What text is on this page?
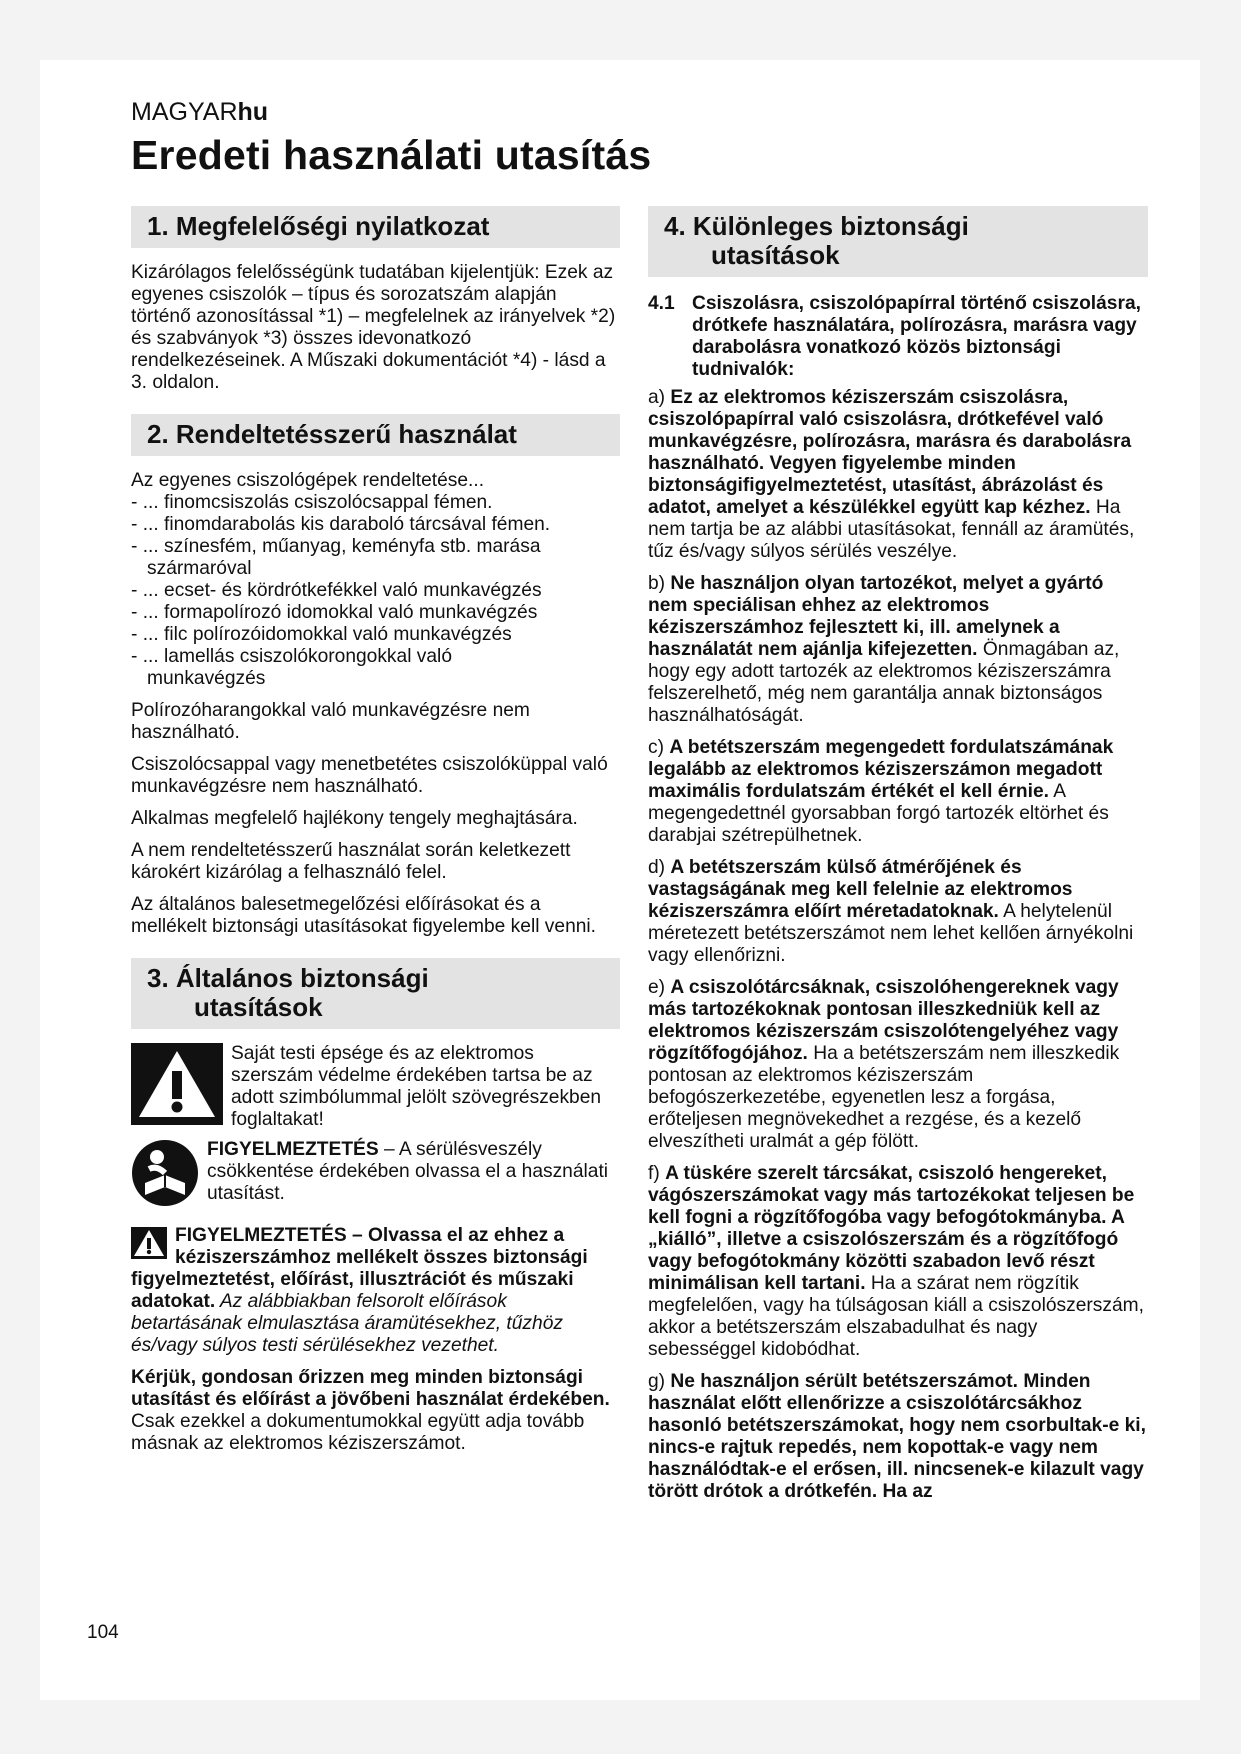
MAGYARhu
Eredeti használati utasítás
1. Megfelelőségi nyilatkozat

Kizárólagos felelősségünk tudatában kijelentjük: Ezek az egyenes csiszolók – típus és sorozatszám alapján történő azonosítással *1) – megfelelnek az irányelvek *2) és szabványok *3) összes idevonatkozó rendelkezéseinek. A Műszaki dokumentációt *4) - lásd a 3. oldalon.

2. Rendeltetésszerű használat
Az egyenes csiszológépek rendeltetése...
- ... finomcsiszolás csiszolócsappal fémen.
- ... finomdarabolás kis daraboló tárcsával fémen.
- ... színesfém, műanyag, keményfa stb. marása
szármaróval
- ... ecset- és kördrótkefékkel való munkavégzés
- ... formapolírozó idomokkal való munkavégzés
- ... filc polírozóidomokkal való munkavégzés
- ... lamellás csiszolókorongokkal való
munkavégzés

Polírozóharangokkal való munkavégzésre nem használható.

Csiszolócsappal vagy menetbetétes csiszolóküppal való munkavégzésre nem használható.

Alkalmas megfelelő hajlékony tengely meghajtására.

A nem rendeltetésszerű használat során keletkezett károkért kizárólag a felhasználó felel.

Az általános balesetmegelőzési előírásokat és a mellékelt biztonsági utasításokat figyelembe kell venni.

3. Általános biztonsági
utasítások
Saját testi épsége és az elektromos szerszám védelme érdekében tartsa be az adott szimbólummal jelölt szövegrészekben foglaltakat!
FIGYELMEZTETÉS – A sérülésveszély csökkentése érdekében olvassa el a használati utasítást.

FIGYELMEZTETÉS – Olvassa el az ehhez a kéziszerszámhoz mellékelt összes biztonsági figyelmeztetést, előírást, illusztrációt és műszaki adatokat. Az alábbiakban felsorolt előírások betartásának elmulasztása áramütésekhez, tűzhöz és/vagy súlyos testi sérülésekhez vezethet.

Kérjük, gondosan őrizzen meg minden biztonsági utasítást és előírást a jövőbeni használat érdekében.
Csak ezekkel a dokumentumokkal együtt adja tovább másnak az elektromos kéziszerszámot.

4. Különleges biztonsági
utasítások
4.1 Csiszolásra, csiszolópapírral történő csiszolásra, drótkefe használatára, polírozásra, marásra vagy darabolásra vonatkozó közös biztonsági tudnivalók:

a) Ez az elektromos kéziszerszám csiszolásra, csiszolópapírral való csiszolásra, drótkefével való munkavégzésre, polírozásra, marásra és darabolásra használható. Vegyen figyelembe minden biztonságifigyelmeztetést, utasítást, ábrázolást és adatot, amelyet a készülékkel együtt kap kézhez. Ha nem tartja be az alábbi utasításokat, fennáll az áramütés, tűz és/vagy súlyos sérülés veszélye.

b) Ne használjon olyan tartozékot, melyet a gyártó nem speciálisan ehhez az elektromos kéziszerszámhoz fejlesztett ki, ill. amelynek a használatát nem ajánlja kifejezetten. Önmagában az, hogy egy adott tartozék az elektromos kéziszerszámra felszerelhető, még nem garantálja annak biztonságos használhatóságát.

c) A betétszerszám megengedett fordulatszámának legalább az elektromos kéziszerszámon megadott maximális fordulatszám értékét el kell érnie. A megengedettnél gyorsabban forgó tartozék eltörhet és darabjai szétrepülhetnek.

d) A betétszerszám külső átmérőjének és vastagságának meg kell felelnie az elektromos kéziszerszámra előírt méretadatoknak. A helytelenül méretezett betétszerszámot nem lehet kellően árnyékolni vagy ellenőrizni.

e) A csiszolótárcsáknak, csiszolóhengereknek vagy más tartozékoknak pontosan illeszkedniük kell az elektromos kéziszerszám csiszolótengelyéhez vagy rögzítőfogójához. Ha a betétszerszám nem illeszkedik pontosan az elektromos kéziszerszám befogószerkezetébe, egyenetlen lesz a forgása, erőteljesen megnövekedhet a rezgése, és a kezelő elveszítheti uralmát a gép fölött.

f) A tüskére szerelt tárcsákat, csiszoló hengereket, vágószerszámokat vagy más tartozékokat teljesen be kell fogni a rögzítőfogóba vagy befogótokmányba. A „kiálló”, illetve a csiszolószerszám és a rögzítőfogó vagy befogótokmány közötti szabadon levő részt minimálisan kell tartani. Ha a szárat nem rögzítik megfelelően, vagy ha túlságosan kiáll a csiszolószerszám, akkor a betétszerszám elszabadulhat és nagy sebességgel kidobódhat.

g) Ne használjon sérült betétszerszámot. Minden használat előtt ellenőrizze a csiszolótárcsákhoz hasonló betétszerszámokat, hogy nem csorbultak-e ki, nincs-e rajtuk repedés, nem kopottak-e vagy nem használódtak-e el erősen, ill. nincsenek-e kilazult vagy törött drótok a drótkefén. Ha az

104
